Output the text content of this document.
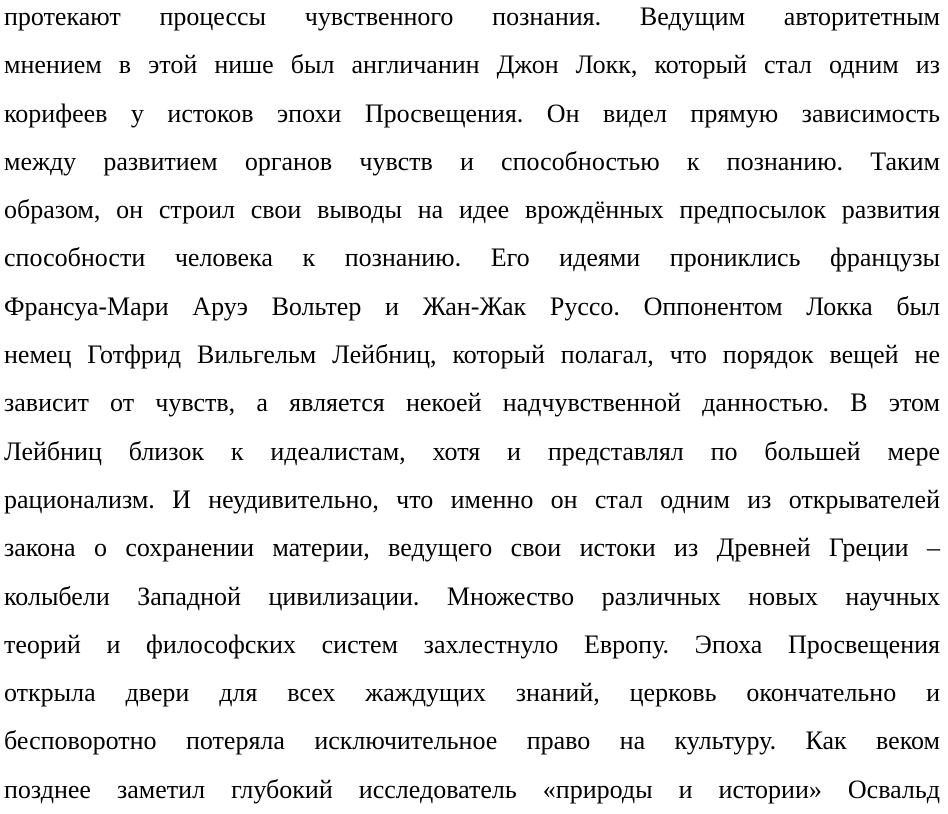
протекают процессы чувственного познания. Ведущим авторитетным
мнением в этой нише был англичанин Джон Локк, который стал одним из
корифеев у истоков эпохи Просвещения. Он видел прямую зависимость
между развитием органов чувств и способностью к познанию. Таким
образом, он строил свои выводы на идее врождённых предпосылок развития
способности человека к познанию. Его идеями прониклись французы
Франсуа-Мари Аруэ Вольтер и Жан-Жак Руссо. Оппонентом Локка был
немец Готфрид Вильгельм Лейбниц, который полагал, что порядок вещей не
зависит от чувств, а является некоей надчувственной данностью. В этом
Лейбниц близок к идеалистам, хотя и представлял по большей мере
рационализм. И неудивительно, что именно он стал одним из открывателей
закона о сохранении материи, ведущего свои истоки из Древней Греции –
колыбели Западной цивилизации. Множество различных новых научных
теорий и философских систем захлестнуло Европу. Эпоха Просвещения
открыла двери для всех жаждущих знаний, церковь окончательно и
бесповоротно потеряла исключительное право на культуру. Как веком
позднее заметил глубокий исследователь «природы и истории» Освальд
